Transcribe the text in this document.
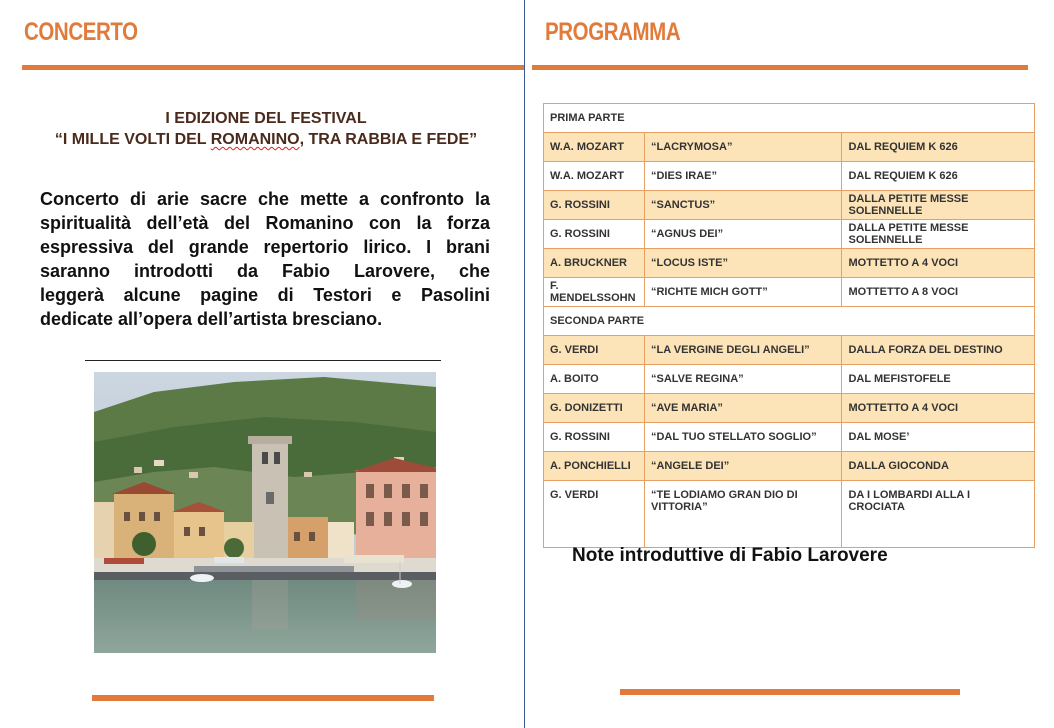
CONCERTO
I EDIZIONE DEL FESTIVAL
“I MILLE VOLTI DEL ROMANINO, TRA RABBIA E FEDE”
Concerto di arie sacre che mette a confronto la
spiritualità dell’età del Romanino con la forza
espressiva del grande repertorio lirico. I brani
saranno introdotti da Fabio Larovere, che
leggerà alcune pagine di Testori e Pasolini
dedicate all’opera dell’artista bresciano.
PROGRAMMA
PRIMA PARTE		
W.A. MOZART	“LACRYMOSA”	DAL REQUIEM K 626
W.A. MOZART	“DIES IRAE”	DAL REQUIEM K 626
G. ROSSINI	“SANCTUS”	DALLA PETITE MESSE SOLENNELLE
G. ROSSINI	“AGNUS DEI”	DALLA PETITE MESSE SOLENNELLE
A. BRUCKNER	“LOCUS ISTE”	MOTTETTO A 4 VOCI
F. MENDELSSOHN	“RICHTE MICH GOTT”	MOTTETTO A 8 VOCI
SECONDA PARTE		
G. VERDI	“LA VERGINE DEGLI ANGELI”	DALLA FORZA DEL DESTINO
A. BOITO	“SALVE REGINA”	DAL MEFISTOFELE
G. DONIZETTI	“AVE MARIA”	MOTTETTO A 4 VOCI
G. ROSSINI	“DAL TUO STELLATO SOGLIO”	DAL MOSE’
A. PONCHIELLI	“ANGELE DEI”	DALLA GIOCONDA
G. VERDI	“TE LODIAMO GRAN DIO DI VITTORIA”	DA I LOMBARDI ALLA I CROCIATA
Note introduttive di Fabio Larovere
